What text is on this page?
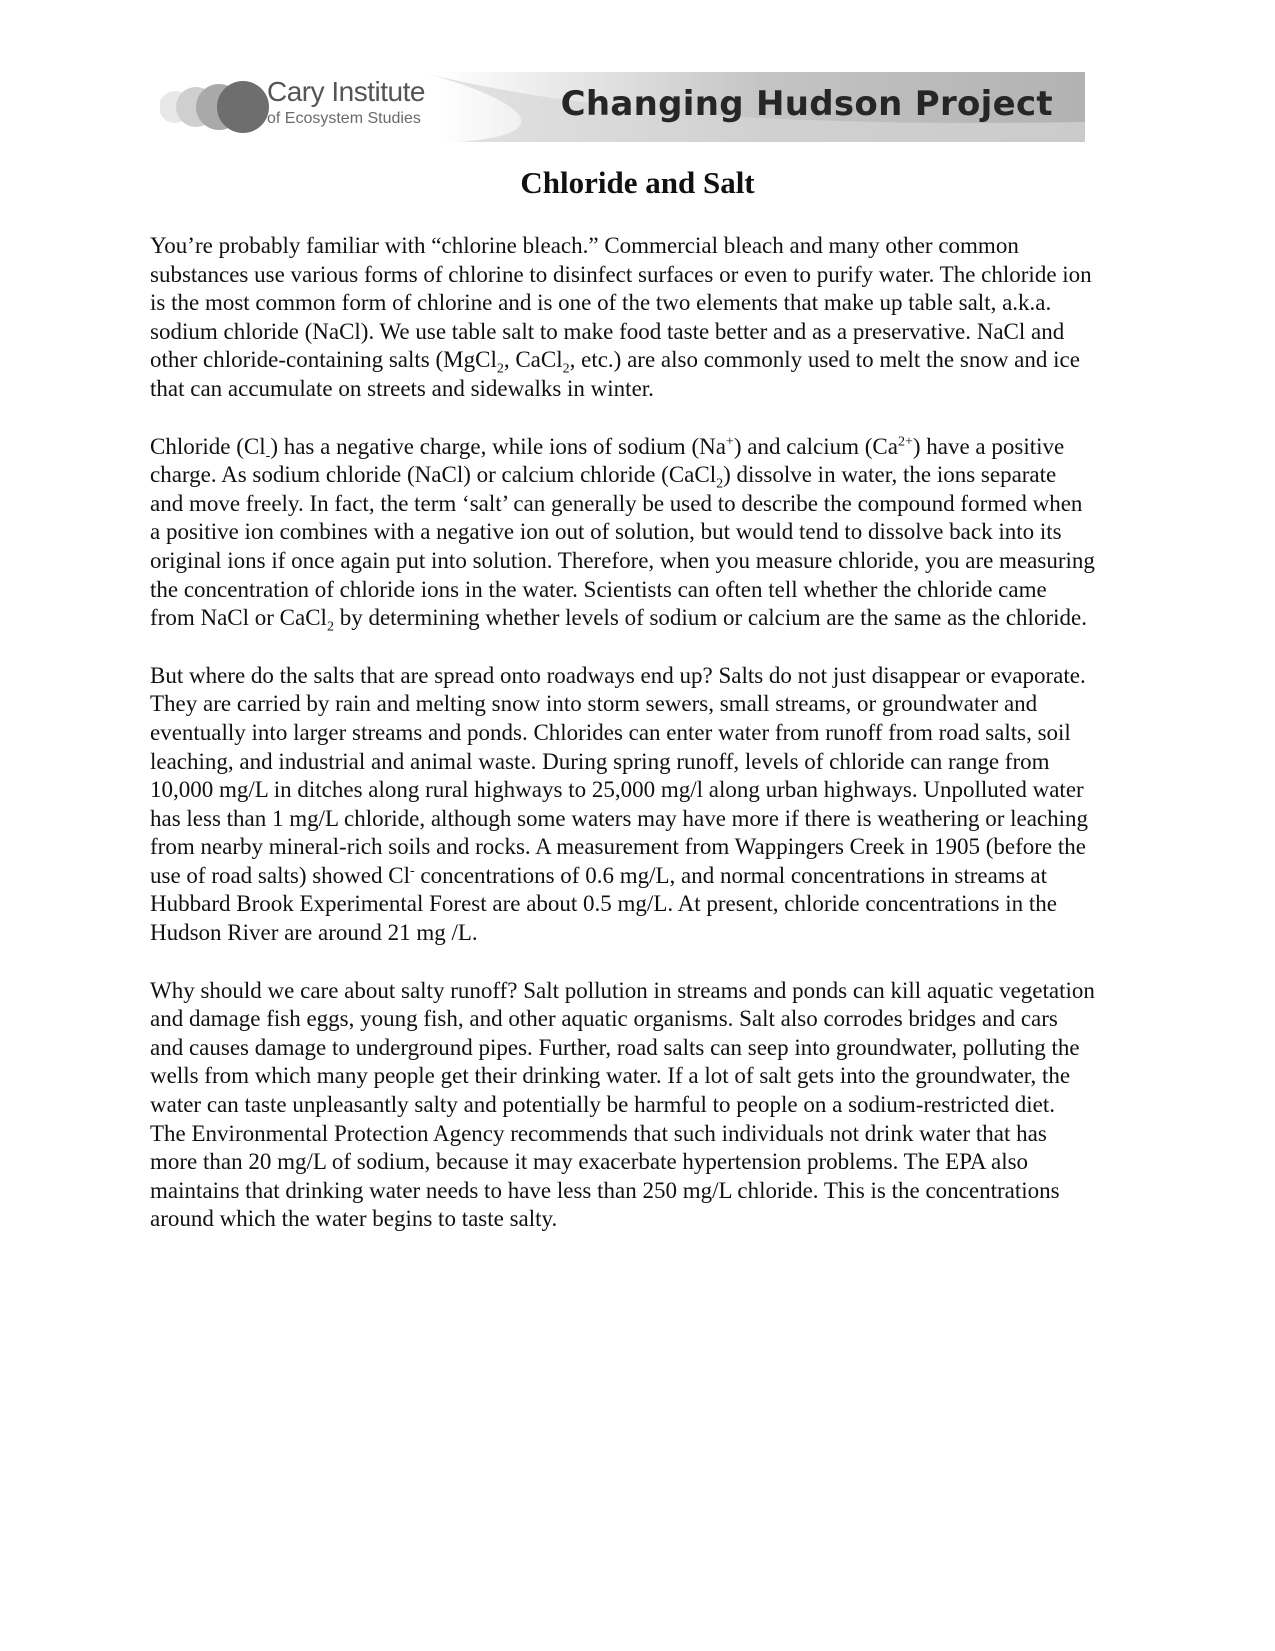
Cary Institute
of Ecosystem Studies	Changing Hudson Project
Chloride and Salt

You’re probably familiar with “chlorine bleach.” Commercial bleach and many other common substances use various forms of chlorine to disinfect surfaces or even to purify water. The chloride ion is the most common form of chlorine and is one of the two elements that make up table salt, a.k.a. sodium chloride (NaCl). We use table salt to make food taste better and as a preservative. NaCl and other chloride-containing salts (MgCl$_2$, CaCl$_2$, etc.) are also commonly used to melt the snow and ice that can accumulate on streets and sidewalks in winter.

Chloride $(Cl_-)$ has a negative charge, while ions of sodium (Na+) and calcium $(Ca^{2+})$ have a positive charge. As sodium chloride (NaCl) or calcium chloride (CaCl$_2$) dissolve in water, the ions separate and move freely. In fact, the term ‘salt’ can generally be used to describe the compound formed when a positive ion combines with a negative ion out of solution, but would tend to dissolve back into its original ions if once again put into solution. Therefore, when you measure chloride, you are measuring the concentration of chloride ions in the water. Scientists can often tell whether the chloride came from NaCl or CaCl$_2$ by determining whether levels of sodium or calcium are the same as the chloride.

But where do the salts that are spread onto roadways end up? Salts do not just disappear or evaporate. They are carried by rain and melting snow into storm sewers, small streams, or groundwater and eventually into larger streams and ponds. Chlorides can enter water from runoff from road salts, soil leaching, and industrial and animal waste. During spring runoff, levels of chloride can range from 10,000 mg/L in ditches along rural highways to 25,000 mg/l along urban highways. Unpolluted water has less than 1 mg/L chloride, although some waters may have more if there is weathering or leaching from nearby mineral-rich soils and rocks. A measurement from Wappingers Creek in 1905 (before the use of road salts) showed Cl- concentrations of 0.6 mg/L, and normal concentrations in streams at Hubbard Brook Experimental Forest are about 0.5 mg/L. At present, chloride concentrations in the Hudson River are around 21 mg /L.

Why should we care about salty runoff? Salt pollution in streams and ponds can kill aquatic vegetation and damage fish eggs, young fish, and other aquatic organisms. Salt also corrodes bridges and cars and causes damage to underground pipes. Further, road salts can seep into groundwater, polluting the wells from which many people get their drinking water. If a lot of salt gets into the groundwater, the water can taste unpleasantly salty and potentially be harmful to people on a sodium-restricted diet. The Environmental Protection Agency recommends that such individuals not drink water that has more than 20 mg/L of sodium, because it may exacerbate hypertension problems. The EPA also maintains that drinking water needs to have less than 250 mg/L chloride. This is the concentrations around which the water begins to taste salty.
